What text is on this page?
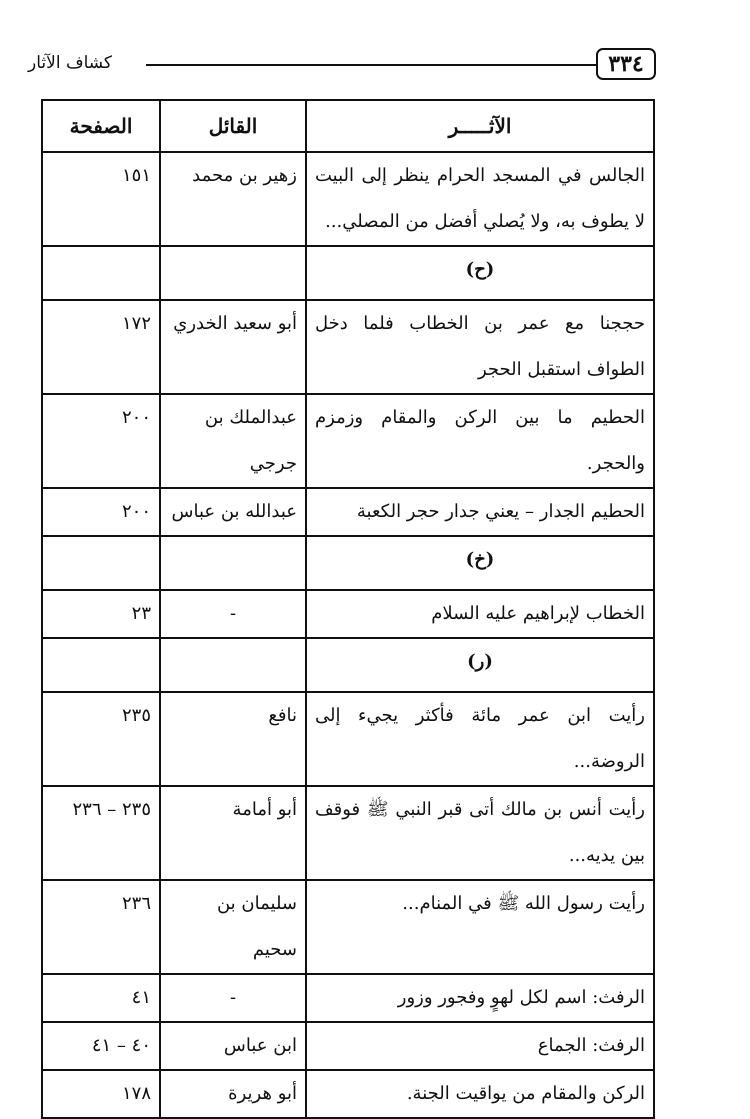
٣٣٤
كشاف الآثار
الآثـــــر	القائل	الصفحة
الجالس في المسجد الحرام ينظر إلى البيت لا يطوف به، ولا يُصلي أفضل من المصلي...	زهير بن محمد	١٥١
(ح)		
حججنا مع عمر بن الخطاب فلما دخل الطواف استقبل الحجر	أبو سعيد الخدري	١٧٢
الحطيم ما بين الركن والمقام وزمزم والحجر.	عبدالملك بن جرجي	٢٠٠
الحطيم الجدار – يعني جدار حجر الكعبة	عبدالله بن عباس	٢٠٠
(خ)		
الخطاب لإبراهيم عليه السلام	-	٢٣
(ر)		
رأيت ابن عمر مائة فأكثر يجيء إلى الروضة...	نافع	٢٣٥
رأيت أنس بن مالك أتى قبر النبي ﷺ فوقف بين يديه...	أبو أمامة	٢٣٥ – ٢٣٦
رأيت رسول الله ﷺ في المنام...	سليمان بن سحيم	٢٣٦
الرفث: اسم لكل لهوٍ وفجور وزور	-	٤١
الرفث: الجماع	ابن عباس	٤٠ – ٤١
الركن والمقام من يواقيت الجنة.	أبو هريرة	١٧٨
